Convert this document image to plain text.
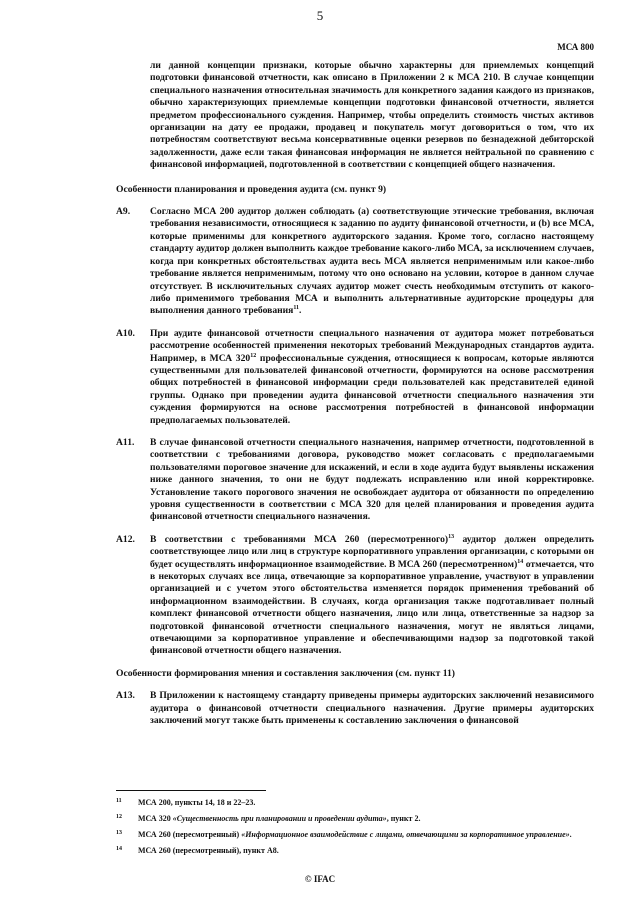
5
МСА 800

ли данной концепции признаки, которые обычно характерны для приемлемых концепций подготовки финансовой отчетности, как описано в Приложении 2 к МСА 210. В случае концепции специального назначения относительная значимость для конкретного задания каждого из признаков, обычно характеризующих приемлемые концепции подготовки финансовой отчетности, является предметом профессионального суждения. Например, чтобы определить стоимость чистых активов организации на дату ее продажи, продавец и покупатель могут договориться о том, что их потребностям соответствуют весьма консервативные оценки резервов по безнадежной дебиторской задолженности, даже если такая финансовая информация не является нейтральной по сравнению с финансовой информацией, подготовленной в соответствии с концепцией общего назначения.

Особенности планирования и проведения аудита (см. пункт 9)
A9.	Согласно МСА 200 аудитор должен соблюдать (а) соответствующие этические требования, включая требования независимости, относящиеся к заданию по аудиту финансовой отчетности, и (b) все МСА, которые применимы для конкретного аудиторского задания. Кроме того, согласно настоящему стандарту аудитор должен выполнить каждое требование какого-либо МСА, за исключением случаев, когда при конкретных обстоятельствах аудита весь МСА является неприменимым или какое-либо требование является неприменимым, потому что оно основано на условии, которое в данном случае отсутствует. В исключительных случаях аудитор может счесть необходимым отступить от какого-либо применимого требования МСА и выполнить альтернативные аудиторские процедуры для выполнения данного требования$^{11}$.
A10.	При аудите финансовой отчетности специального назначения от аудитора может потребоваться рассмотрение особенностей применения некоторых требований Международных стандартов аудита. Например, в МСА $320^{12}$ профессиональные суждения, относящиеся к вопросам, которые являются существенными для пользователей финансовой отчетности, формируются на основе рассмотрения общих потребностей в финансовой информации среди пользователей как представителей единой группы. Однако при проведении аудита финансовой отчетности специального назначения эти суждения формируются на основе рассмотрения потребностей в финансовой информации предполагаемых пользователей.
A11.	В случае финансовой отчетности специального назначения, например отчетности, подготовленной в соответствии с требованиями договора, руководство может согласовать с предполагаемыми пользователями пороговое значение для искажений, и если в ходе аудита будут выявлены искажения ниже данного значения, то они не будут подлежать исправлению или иной корректировке. Установление такого порогового значения не освобождает аудитора от обязанности по определению уровня существенности в соответствии с МСА 320 для целей планирования и проведения аудита финансовой отчетности специального назначения.
A12.	В соответствии с требованиями МСА 260 (пересмотренного)$^{13}$ аудитор должен определить соответствующее лицо или лиц в структуре корпоративного управления организации, с которыми он будет осуществлять информационное взаимодействие. В МСА 260 (пересмотренном)$^{14}$ отмечается, что в некоторых случаях все лица, отвечающие за корпоративное управление, участвуют в управлении организацией и с учетом этого обстоятельства изменяется порядок применения требований об информационном взаимодействии. В случаях, когда организация также подготавливает полный комплект финансовой отчетности общего назначения, лицо или лица, ответственные за надзор за подготовкой финансовой отчетности специального назначения, могут не являться лицами, отвечающими за корпоративное управление и обеспечивающими надзор за подготовкой такой финансовой отчетности общего назначения.
Особенности формирования мнения и составления заключения (см. пункт 11)
A13.	В Приложении к настоящему стандарту приведены примеры аудиторских заключений независимого аудитора о финансовой отчетности специального назначения. Другие примеры аудиторских заключений могут также быть применены к составлению заключения о финансовой
11	МСА 200, пункты 14, 18 и 22–23.
12	МСА 320 «Существенность при планировании и проведении аудита», пункт 2.
13	МСА 260 (пересмотренный) «Информационное взаимодействие с лицами, отвечающими за корпоративное управление».
14	МСА 260 (пересмотренный), пункт A8.
© IFAC
